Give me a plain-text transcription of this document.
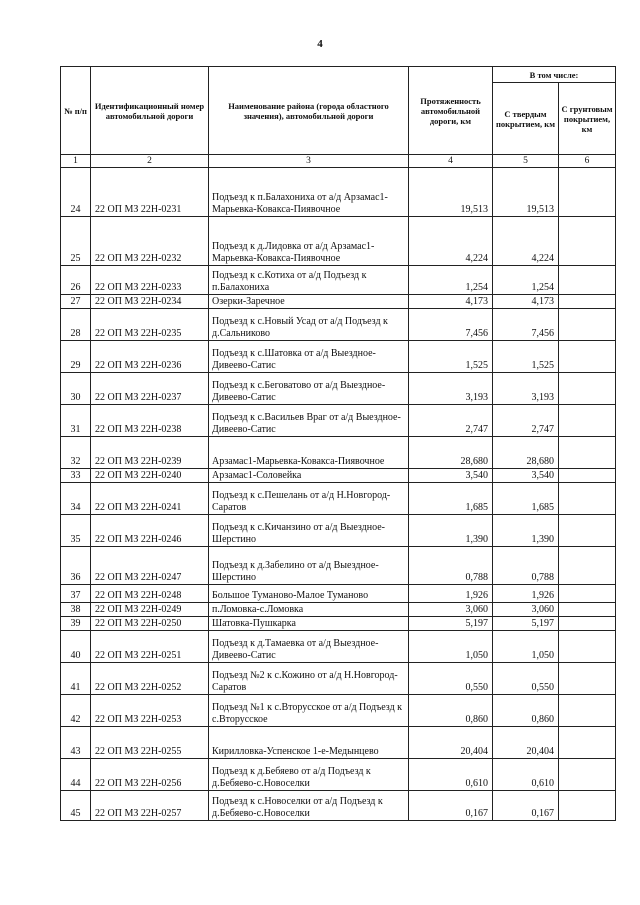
4
№ п/п	Идентификационный номер автомобильной дороги	Наименование района (города областного значения), автомобильной дороги	Протяженность автомобильной дороги, км	В том числе:	
				С твердым покрытием, км	С грунтовым покрытием, км
1	2	3	4	5	6
24	22 ОП МЗ 22Н-0231	Подъезд к п.Балахониха от а/д Арзамас1-Марьевка-Ковакса-Пиявочное	19,513	19,513	
25	22 ОП МЗ 22Н-0232	Подъезд к д.Лидовка от а/д Арзамас1-Марьевка-Ковакса-Пиявочное	4,224	4,224	
26	22 ОП МЗ 22Н-0233	Подъезд к с.Котиха от а/д Подъезд к п.Балахониха	1,254	1,254	
27	22 ОП МЗ 22Н-0234	Озерки-Заречное	4,173	4,173	
28	22 ОП МЗ 22Н-0235	Подъезд к с.Новый Усад от а/д Подъезд к д.Сальниково	7,456	7,456	
29	22 ОП МЗ 22Н-0236	Подъезд к с.Шатовка от а/д Выездное-Дивеево-Сатис	1,525	1,525	
30	22 ОП МЗ 22Н-0237	Подъезд к с.Беговатово от а/д Выездное-Дивеево-Сатис	3,193	3,193	
31	22 ОП МЗ 22Н-0238	Подъезд к с.Васильев Враг от а/д Выездное-Дивеево-Сатис	2,747	2,747	
32	22 ОП МЗ 22Н-0239	Арзамас1-Марьевка-Ковакса-Пиявочное	28,680	28,680	
33	22 ОП МЗ 22Н-0240	Арзамас1-Соловейка	3,540	3,540	
34	22 ОП МЗ 22Н-0241	Подъезд к с.Пешелань от а/д Н.Новгород-Саратов	1,685	1,685	
35	22 ОП МЗ 22Н-0246	Подъезд к с.Кичанзино от а/д Выездное-Шерстино	1,390	1,390	
36	22 ОП МЗ 22Н-0247	Подъезд к д.Забелино от а/д Выездное-Шерстино	0,788	0,788	
37	22 ОП МЗ 22Н-0248	Большое Туманово-Малое Туманово	1,926	1,926	
38	22 ОП МЗ 22Н-0249	п.Ломовка-с.Ломовка	3,060	3,060	
39	22 ОП МЗ 22Н-0250	Шатовка-Пушкарка	5,197	5,197	
40	22 ОП МЗ 22Н-0251	Подъезд к д.Тамаевка от а/д Выездное-Дивеево-Сатис	1,050	1,050	
41	22 ОП МЗ 22Н-0252	Подъезд №2 к с.Кожино от а/д Н.Новгород-Саратов	0,550	0,550	
42	22 ОП МЗ 22Н-0253	Подъезд №1 к с.Вторусское от а/д Подъезд к с.Вторусское	0,860	0,860	
43	22 ОП МЗ 22Н-0255	Кирилловка-Успенское 1-е-Медынцево	20,404	20,404	
44	22 ОП МЗ 22Н-0256	Подъезд к д.Бебяево от а/д Подъезд к д.Бебяево-с.Новоселки	0,610	0,610	
45	22 ОП МЗ 22Н-0257	Подъезд к с.Новоселки от а/д Подъезд к д.Бебяево-с.Новоселки	0,167	0,167	
